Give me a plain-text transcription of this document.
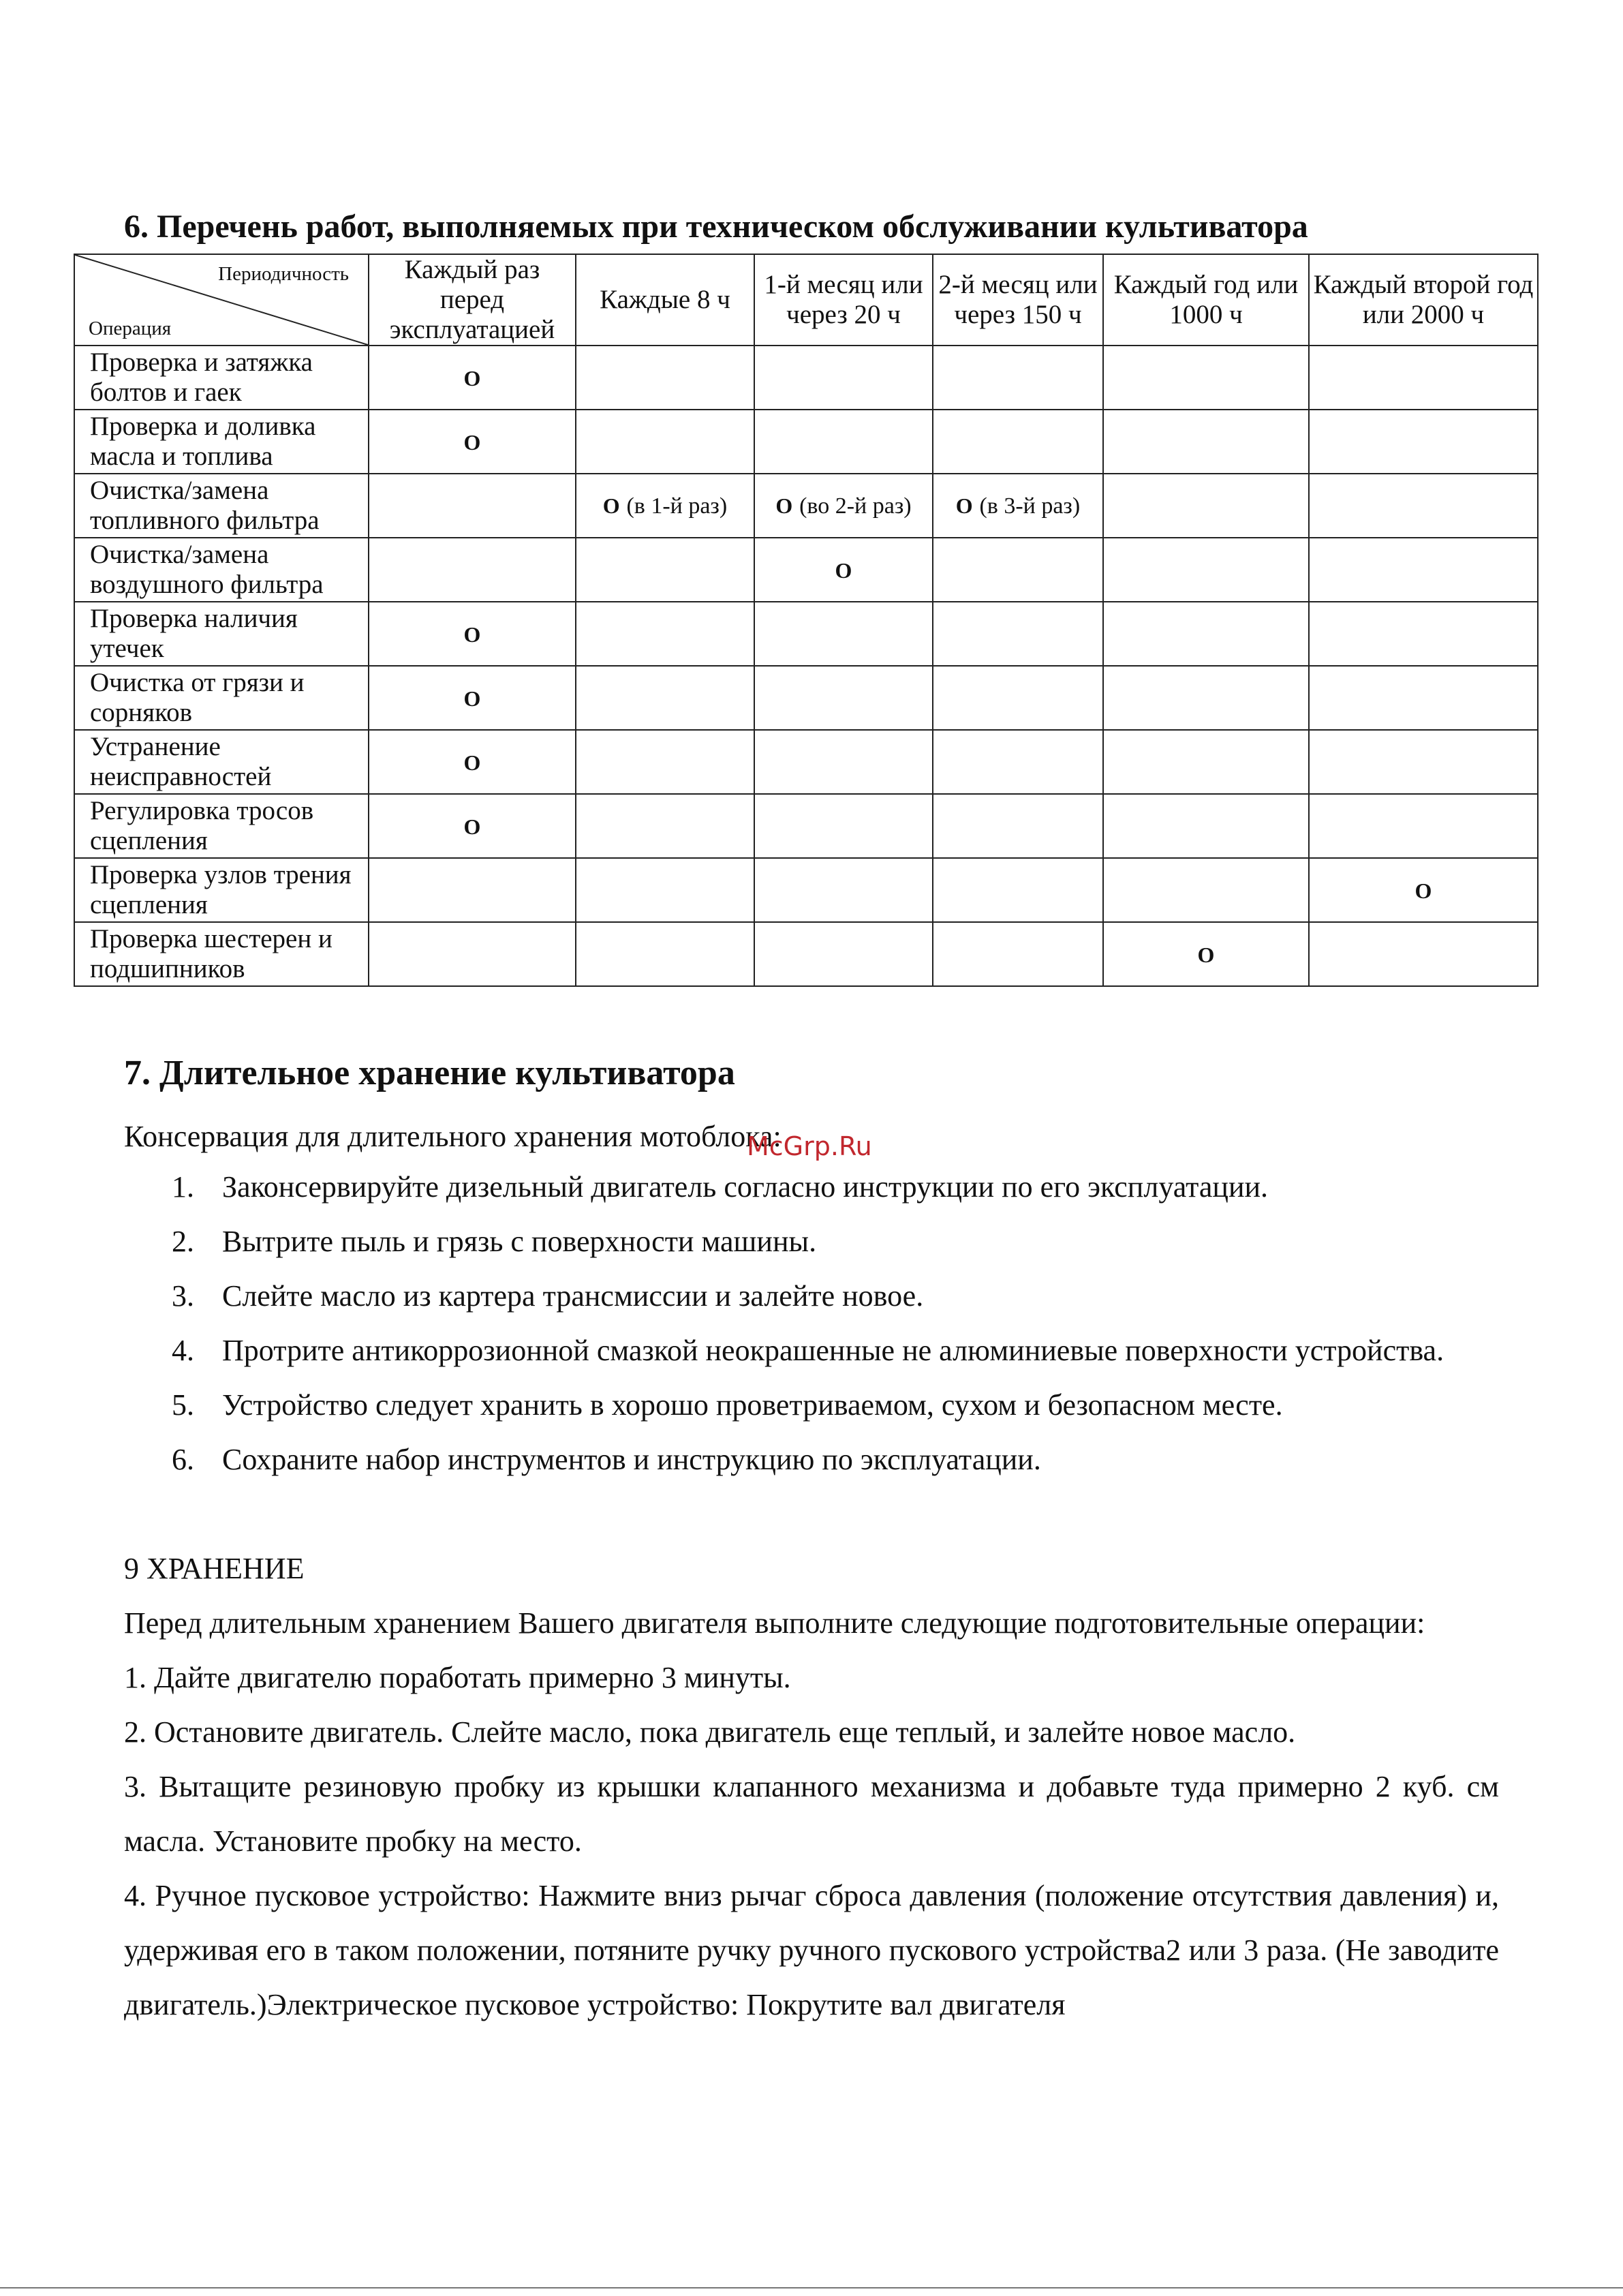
6. Перечень работ, выполняемых при техническом обслуживании культиватора
Периодичность
Операция	Каждый раз перед эксплуатацией	Каждые 8 ч	1-й месяц или через 20 ч	2-й месяц или через 150 ч	Каждый год или 1000 ч	Каждый второй год или 2000 ч
Проверка и затяжка болтов и гаек	O					
Проверка и доливка масла и топлива	O					
Очистка/замена топливного фильтра		O (в 1-й раз)	O (во 2-й раз)	O (в 3-й раз)		
Очистка/замена воздушного фильтра			O			
Проверка наличия утечек	O					
Очистка от грязи и сорняков	O					
Устранение неисправностей	O					
Регулировка тросов сцепления	O					
Проверка узлов трения сцепления						O
Проверка шестерен и подшипников					O	
7. Длительное хранение культиватора
Консервация для длительного хранения мотоблока:
McGrp.Ru
1. Законсервируйте дизельный двигатель согласно инструкции по его эксплуатации.
2. Вытрите пыль и грязь с поверхности машины.
3. Слейте масло из картера трансмиссии и залейте новое.
4. Протрите антикоррозионной смазкой неокрашенные не алюминиевые поверхности устройства.
5. Устройство следует хранить в хорошо проветриваемом, сухом и безопасном месте.
6. Сохраните набор инструментов и инструкцию по эксплуатации.

9 ХРАНЕНИЕ

Перед длительным хранением Вашего двигателя выполните следующие подготовительные операции:

1. Дайте двигателю поработать примерно 3 минуты.

2. Остановите двигатель. Слейте масло, пока двигатель еще теплый, и залейте новое масло.

3. Вытащите резиновую пробку из крышки клапанного механизма и добавьте туда примерно 2 куб. см масла. Установите пробку на место.

4. Ручное пусковое устройство: Нажмите вниз рычаг сброса давления (положение отсутствия давления) и, удерживая его в таком положении, потяните ручку ручного пускового устройства2 или 3 раза. (Не заводите двигатель.)Электрическое пусковое устройство: Покрутите вал двигателя
